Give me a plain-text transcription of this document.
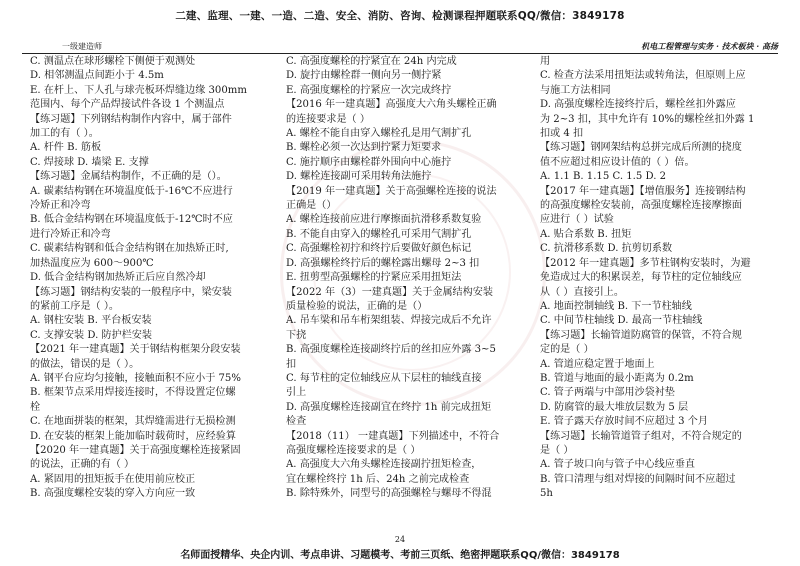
二建、监理、一建、一造、二造、安全、消防、咨询、检测课程押题联系QQ/微信：3849178
一级建造师	机电工程管理与实务 · 技术板块 · 高扬
C. 测温点在球形螺栓下侧便于观测处
D. 相邻测温点间距小于 4.5m
E. 在杆上、下人孔与球壳板环焊缝边缘 300mm
范围内、每个产品焊接试件各设 1 个测温点
【练习题】下列钢结构制作内容中，属于部件
加工的有（ ）。
A. 杆件 B. 筋板
C. 焊接球 D. 墙梁 E. 支撑
【练习题】金属结构制作，不正确的是（）。
A. 碳素结构钢在环境温度低于-16℃不应进行
冷矫正和冷弯
B. 低合金结构钢在环境温度低于-12℃时不应
进行冷矫正和冷弯
C. 碳素结构钢和低合金结构钢在加热矫正时,
加热温度应为 600～900℃
D. 低合金结构钢加热矫正后应自然冷却
【练习题】钢结构安装的一般程序中，梁安装
的紧前工序是（ ）。
A. 钢柱安装 B. 平台板安装
C. 支撑安装 D. 防护栏安装
【2021 年一建真题】关于钢结构框架分段安装
的做法，错误的是（ ）。
A. 钢平台应均匀接触，接触面积不应小于 75%
B. 框架节点采用焊接连接时，不得设置定位螺
栓
C. 在地面拼装的框架，其焊缝需进行无损检测
D. 在安装的框架上能加临时载荷时，应经验算
【2020 年一建真题】关于高强度螺栓连接紧固
的说法，正确的有（ ）
A. 紧固用的扭矩扳手在使用前应校正
B. 高强度螺栓安装的穿入方向应一致
C. 高强度螺栓的拧紧宜在 24h 内完成
D. 旋拧由螺栓群一侧向另一侧拧紧
E. 高强度螺栓的拧紧应一次完成终拧
【2016 年一建真题】高强度大六角头螺栓正确
的连接要求是（ ）
A. 螺栓不能自由穿入螺栓孔是用气割扩孔
B. 螺栓必须一次达到拧紧力矩要求
C. 施拧顺序由螺栓群外围向中心施拧
D. 螺栓连接副可采用转角法施拧
【2019 年一建真题】关于高强螺栓连接的说法
正确是（）
A. 螺栓连接前应进行摩擦面抗滑移系数复验
B. 不能自由穿入的螺栓孔可采用气割扩孔
C. 高强螺栓初拧和终拧后要做好颜色标记
D. 高强螺栓终拧后的螺栓露出螺母 2~3 扣
E. 扭剪型高强螺栓的拧紧应采用扭矩法
【2022 年（3）一建真题】关于金属结构安装
质量检验的说法，正确的是（）
A. 吊车梁和吊车桁架组装、焊接完成后不允许
下挠
B. 高强度螺栓连接副终拧后的丝扣应外露 3~5
扣
C. 每节柱的定位轴线应从下层柱的轴线直接
引上
D. 高强度螺栓连接副宜在终拧 1h 前完成扭矩
检查
【2018（11） 一建真题】下列描述中，不符合
高强度螺栓连接要求的是（ ）
A. 高强度大六角头螺栓连接副拧扭矩检查，
宜在螺栓终拧 1h 后、24h 之前完成检查
B. 除特殊外，同型号的高强螺栓与螺母不得混
用
C. 检查方法采用扭矩法或转角法，但原则上应
与施工方法相同
D. 高强度螺栓连接终拧后，螺栓丝扣外露应
为 2~3 扣，其中允许有 10%的螺栓丝扣外露 1
扣或 4 扣
【练习题】钢网架结构总拼完成后所测的挠度
值不应超过相应设计值的（ ）倍。
A. 1.1 B. 1.15 C. 1.5 D. 2
【2017 年一建真题】【增值服务】连接钢结构
的高强度螺栓安装前，高强度螺栓连接摩擦面
应进行（ ）试验
A. 贴合系数 B. 扭矩
C. 抗滑移系数 D. 抗剪切系数
【2012 年一建真题】多节柱钢构安装时，为避
免造成过大的积累误差，每节柱的定位轴线应
从（ ）直接引上。
A. 地面控制轴线 B. 下一节柱轴线
C. 中间节柱轴线 D. 最高一节柱轴线
【练习题】长输管道防腐管的保管，不符合规
定的是（ ）
A. 管道应稳定置于地面上
B. 管道与地面的最小距离为 0.2m
C. 管子两端与中部用沙袋衬垫
D. 防腐管的最大堆放层数为 5 层
E. 管子露天存放时间不应超过 3 个月
【练习题】长输管道管子组对，不符合规定的
是（ ）
A. 管子坡口向与管子中心线应垂直
B. 管口清理与组对焊接的间隔时间不应超过
5h
24
名师面授精华、央企内训、考点串讲、习题模考、考前三页纸、绝密押题联系QQ/微信：3849178
